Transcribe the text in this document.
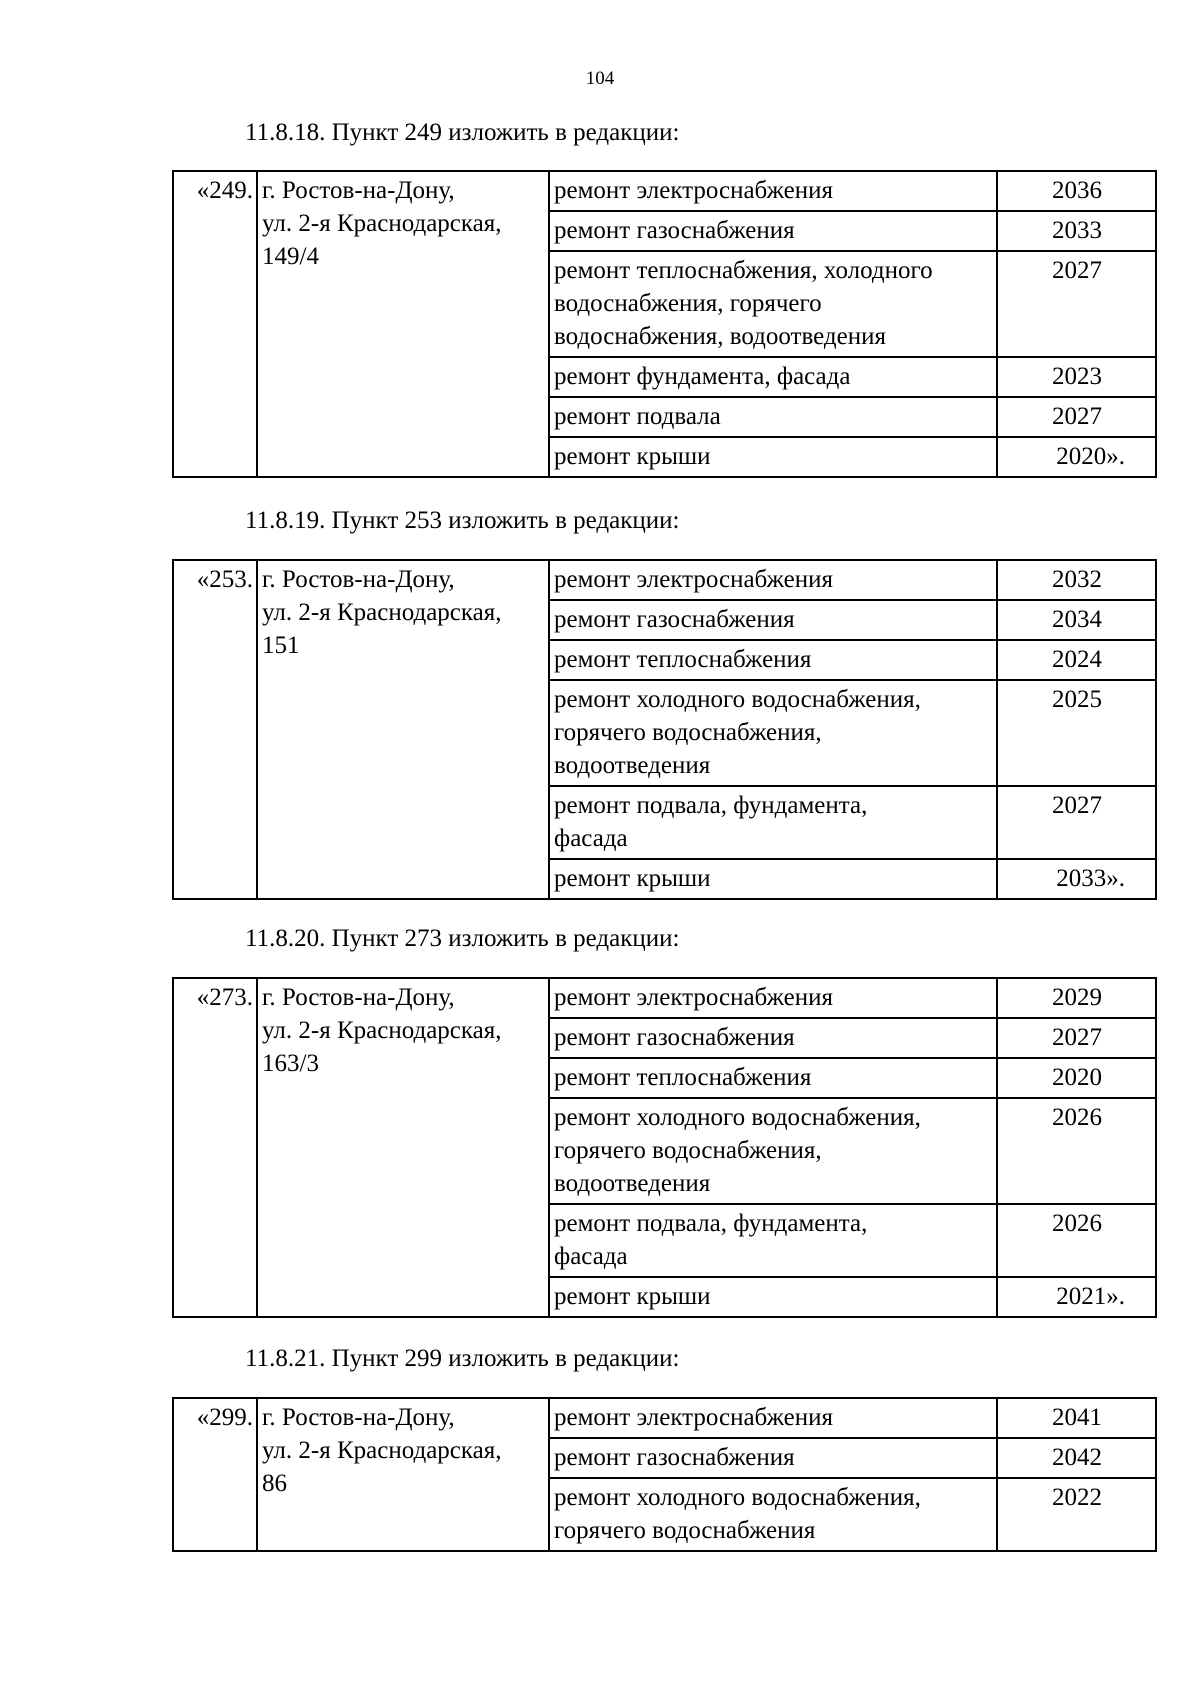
104
11.8.18. Пункт 249 изложить в редакции:
«249.	г. Ростов-на-Дону,
ул. 2-я Краснодарская,
149/4	ремонт электроснабжения	2036
		ремонт газоснабжения	2033
		ремонт теплоснабжения, холодного
водоснабжения, горячего
водоснабжения, водоотведения	2027
		ремонт фундамента, фасада	2023
		ремонт подвала	2027
		ремонт крыши	2020».
11.8.19. Пункт 253 изложить в редакции:
«253.	г. Ростов-на-Дону,
ул. 2-я Краснодарская,
151	ремонт электроснабжения	2032
		ремонт газоснабжения	2034
		ремонт теплоснабжения	2024
		ремонт холодного водоснабжения,
горячего водоснабжения,
водоотведения	2025
		ремонт подвала, фундамента,
фасада	2027
		ремонт крыши	2033».
11.8.20. Пункт 273 изложить в редакции:
«273.	г. Ростов-на-Дону,
ул. 2-я Краснодарская,
163/3	ремонт электроснабжения	2029
		ремонт газоснабжения	2027
		ремонт теплоснабжения	2020
		ремонт холодного водоснабжения,
горячего водоснабжения,
водоотведения	2026
		ремонт подвала, фундамента,
фасада	2026
		ремонт крыши	2021».
11.8.21. Пункт 299 изложить в редакции:
«299.	г. Ростов-на-Дону,
ул. 2-я Краснодарская,
86	ремонт электроснабжения	2041
		ремонт газоснабжения	2042
		ремонт холодного водоснабжения,
горячего водоснабжения	2022
